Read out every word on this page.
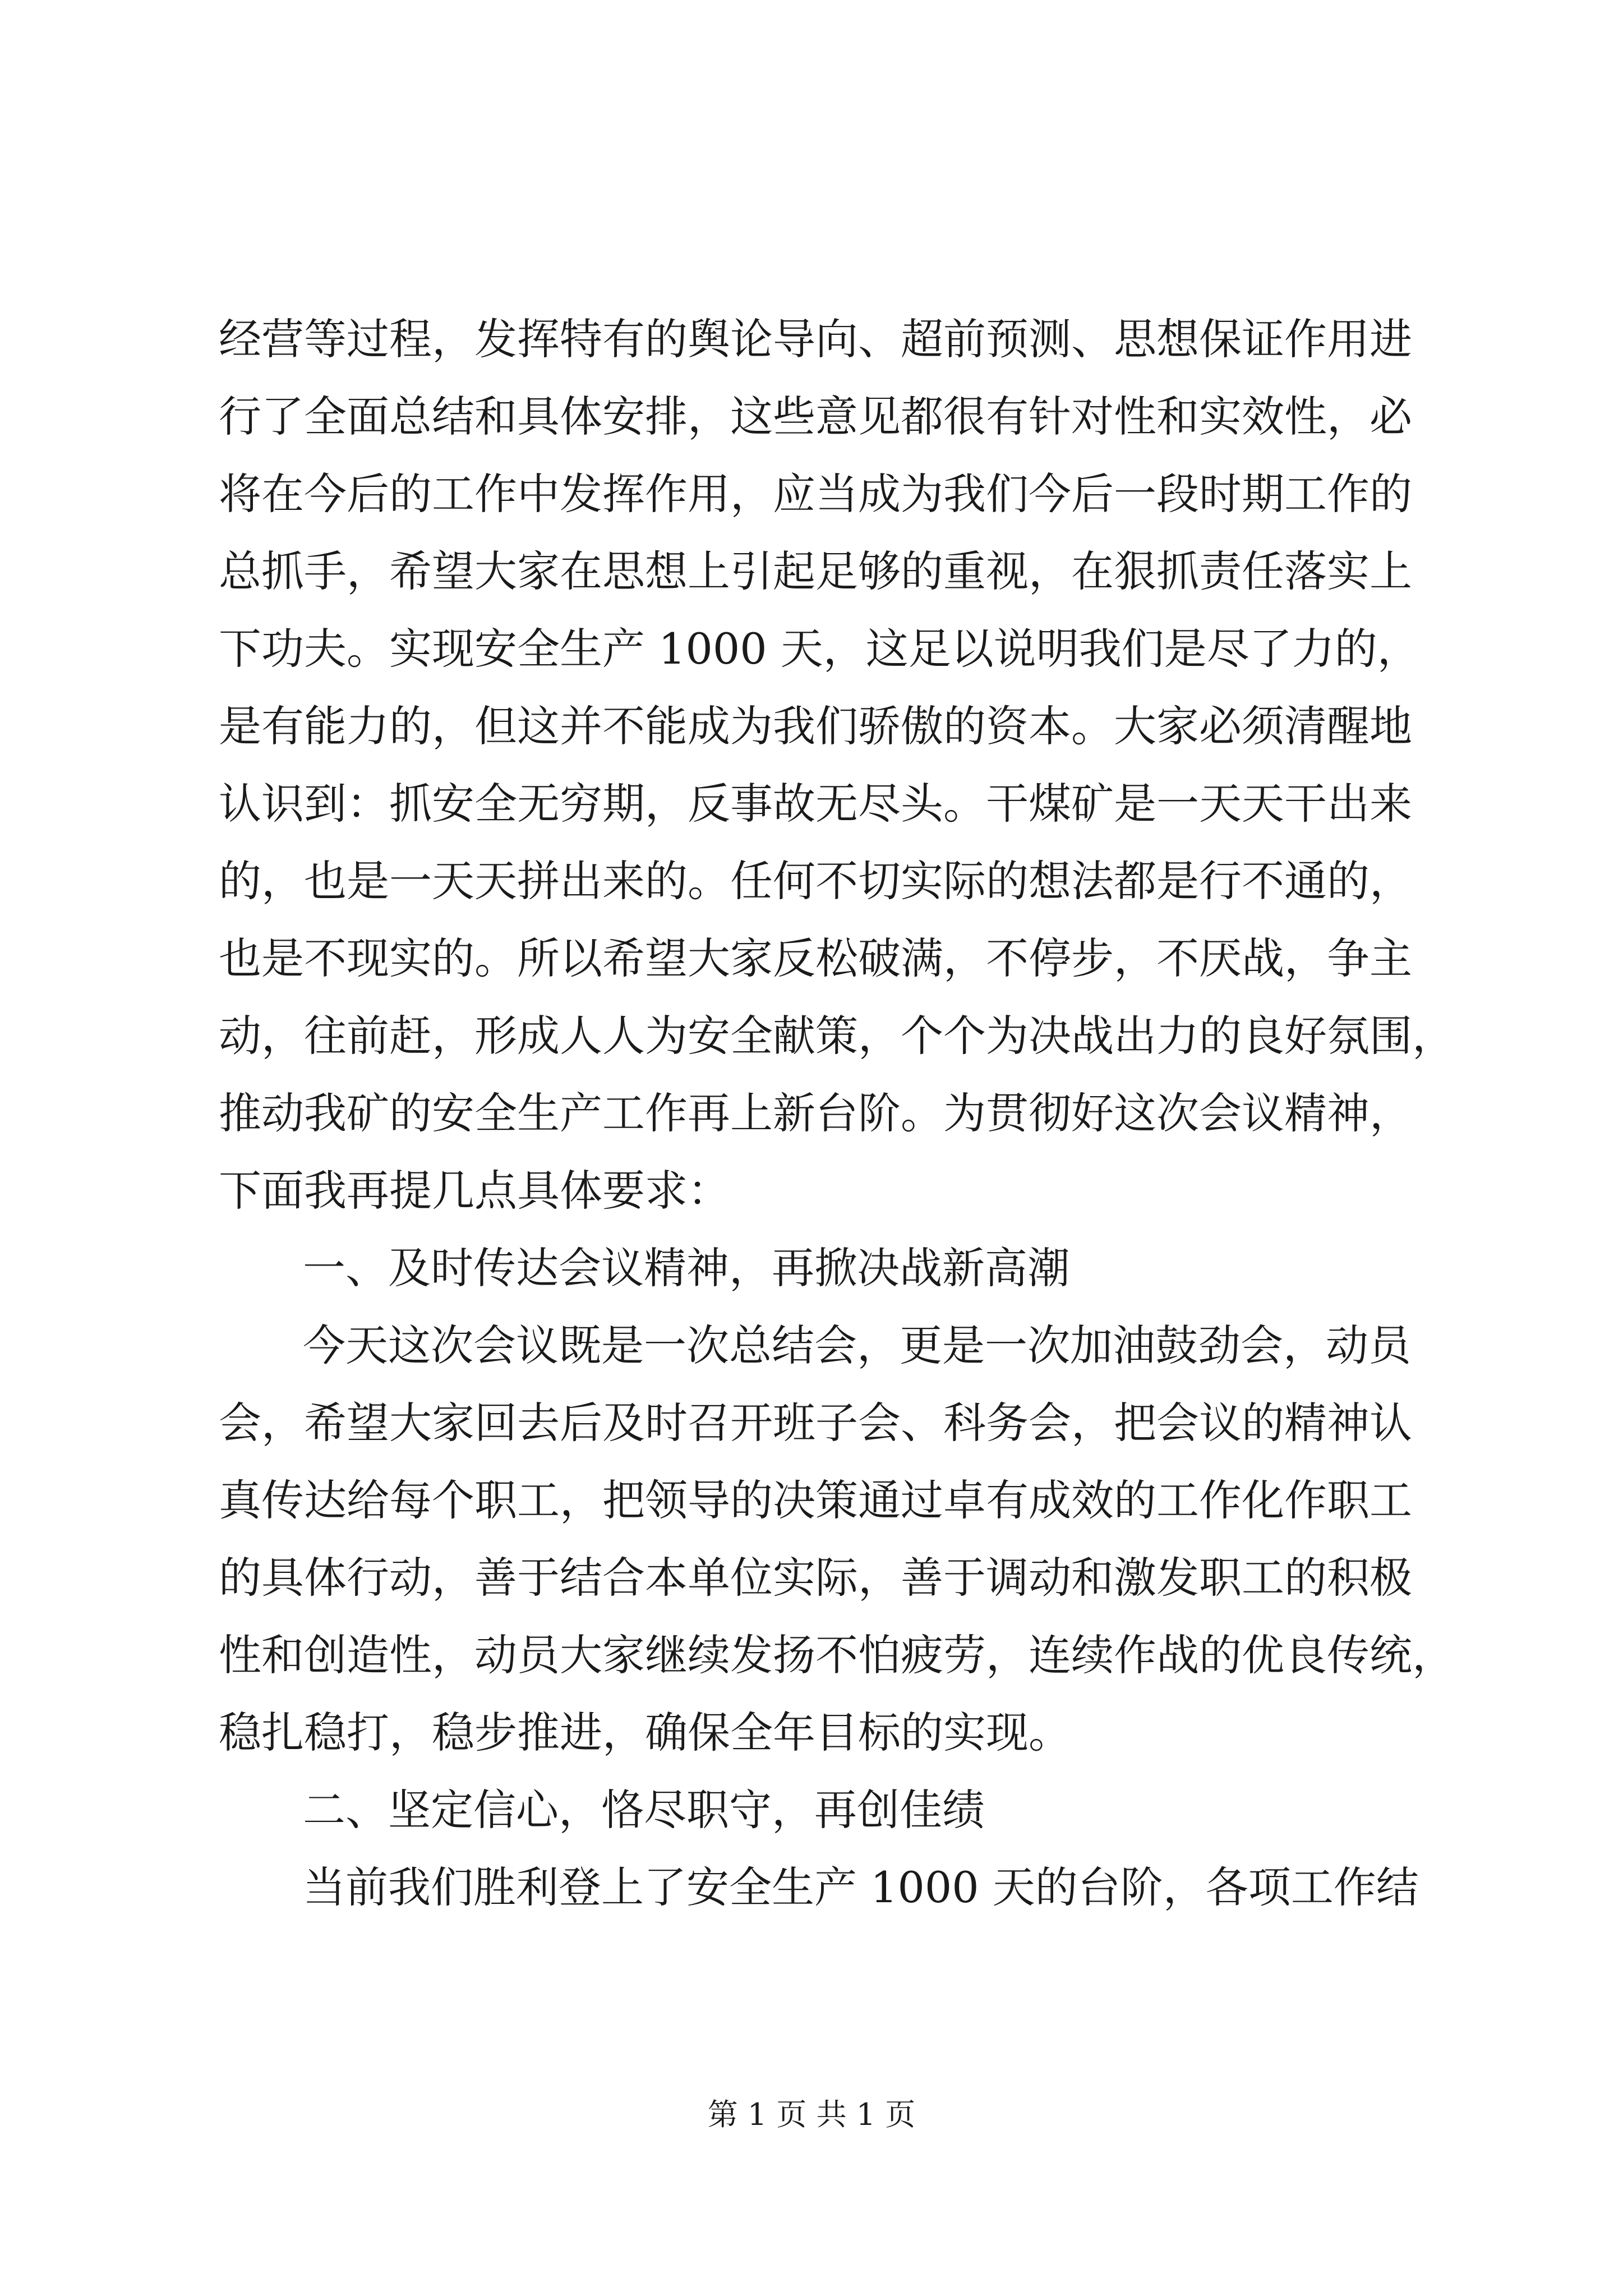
经营等过程，发挥特有的舆论导向、超前预测、思想保证作用进
行了全面总结和具体安排，这些意见都很有针对性和实效性，必
将在今后的工作中发挥作用，应当成为我们今后一段时期工作的
总抓手，希望大家在思想上引起足够的重视，在狠抓责任落实上
下功夫。实现安全生产 1000 天，这足以说明我们是尽了力的，
是有能力的，但这并不能成为我们骄傲的资本。大家必须清醒地
认识到：抓安全无穷期，反事故无尽头。干煤矿是一天天干出来
的，也是一天天拼出来的。任何不切实际的想法都是行不通的，
也是不现实的。所以希望大家反松破满，不停步，不厌战，争主
动，往前赶，形成人人为安全献策，个个为决战出力的良好氛围，
推动我矿的安全生产工作再上新台阶。为贯彻好这次会议精神，
下面我再提几点具体要求：
一、及时传达会议精神，再掀决战新高潮
今天这次会议既是一次总结会，更是一次加油鼓劲会，动员
会，希望大家回去后及时召开班子会、科务会，把会议的精神认
真传达给每个职工，把领导的决策通过卓有成效的工作化作职工
的具体行动，善于结合本单位实际，善于调动和激发职工的积极
性和创造性，动员大家继续发扬不怕疲劳，连续作战的优良传统，
稳扎稳打，稳步推进，确保全年目标的实现。
二、坚定信心，恪尽职守，再创佳绩
当前我们胜利登上了安全生产 1000 天的台阶，各项工作结
第 1 页 共 1 页
